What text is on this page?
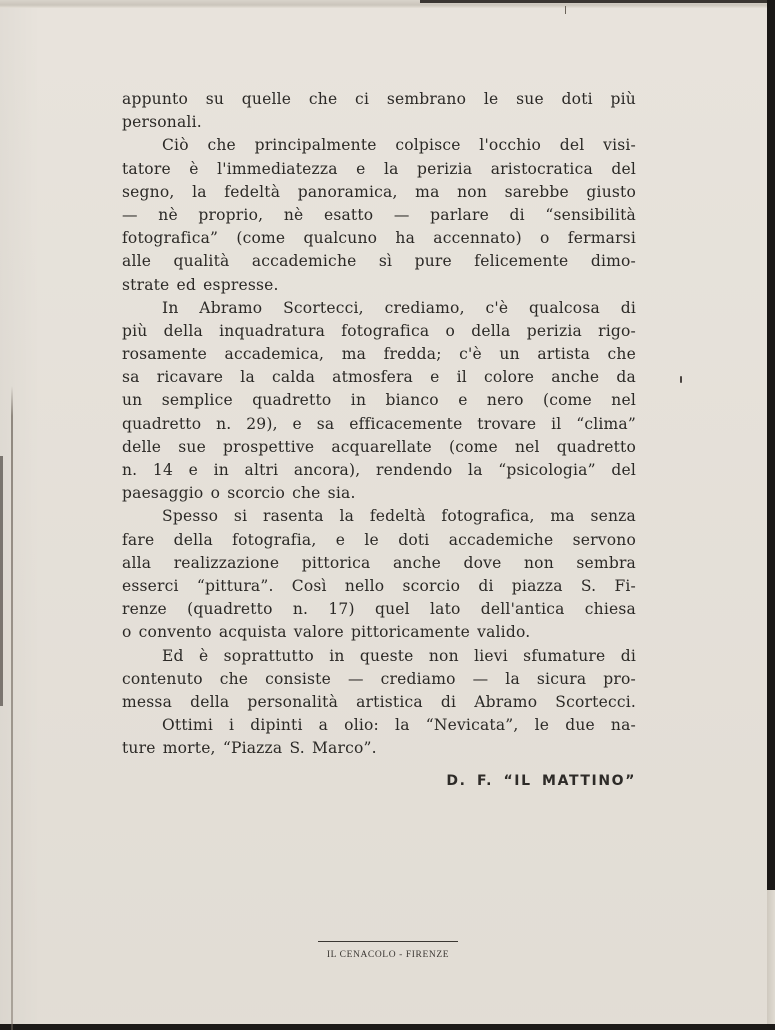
appunto su quelle che ci sembrano le sue doti più
personali.
Ciò che principalmente colpisce l'occhio del visi-
tatore è l'immediatezza e la perizia aristocratica del
segno, la fedeltà panoramica, ma non sarebbe giusto
— nè proprio, nè esatto — parlare di “sensibilità
fotografica” (come qualcuno ha accennato) o fermarsi
alle qualità accademiche sì pure felicemente dimo-
strate ed espresse.
In Abramo Scortecci, crediamo, c'è qualcosa di
più della inquadratura fotografica o della perizia rigo-
rosamente accademica, ma fredda; c'è un artista che
sa ricavare la calda atmosfera e il colore anche da
un semplice quadretto in bianco e nero (come nel
quadretto n. 29), e sa efficacemente trovare il “clima”
delle sue prospettive acquarellate (come nel quadretto
n. 14 e in altri ancora), rendendo la “psicologia” del
paesaggio o scorcio che sia.
Spesso si rasenta la fedeltà fotografica, ma senza
fare della fotografia, e le doti accademiche servono
alla realizzazione pittorica anche dove non sembra
esserci “pittura”. Così nello scorcio di piazza S. Fi-
renze (quadretto n. 17) quel lato dell'antica chiesa
o convento acquista valore pittoricamente valido.
Ed è soprattutto in queste non lievi sfumature di
contenuto che consiste — crediamo — la sicura pro-
messa della personalità artistica di Abramo Scortecci.
Ottimi i dipinti a olio: la “Nevicata”, le due na-
ture morte, “Piazza S. Marco”.
D. F. “IL MATTINO”
IL CENACOLO - FIRENZE
